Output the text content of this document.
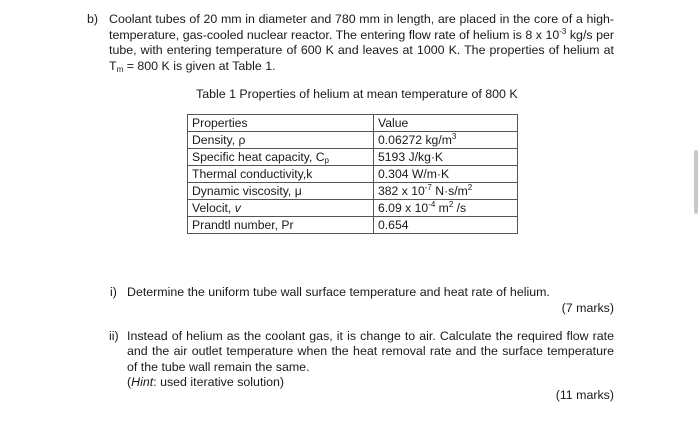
b) Coolant tubes of 20 mm in diameter and 780 mm in length, are placed in the core of a high-temperature, gas-cooled nuclear reactor. The entering flow rate of helium is 8 x $10^{-3}$ kg/s per tube, with entering temperature of 600 K and leaves at 1000 K. The properties of helium at $T_m = 800$ K is given at Table 1.
Table 1 Properties of helium at mean temperature of 800 K
Properties	Value
Density, ρ	0.06272 $kg/m^3$
Specific heat capacity, $C_p$	5193 J/kg·K
Thermal conductivity,k	0.304 W/m·K
Dynamic viscosity, μ	382 x $10^{-7}$ $N\cdot s/m^2$
Velocit, v	6.09 x $10^{-4}$ $m^2$ /s
Prandtl number, Pr	0.654
i) Determine the uniform tube wall surface temperature and heat rate of helium.
(7 marks)
ii) Instead of helium as the coolant gas, it is change to air. Calculate the required flow rate and the air outlet temperature when the heat removal rate and the surface temperature of the tube wall remain the same.
(Hint: used iterative solution)
(11 marks)
